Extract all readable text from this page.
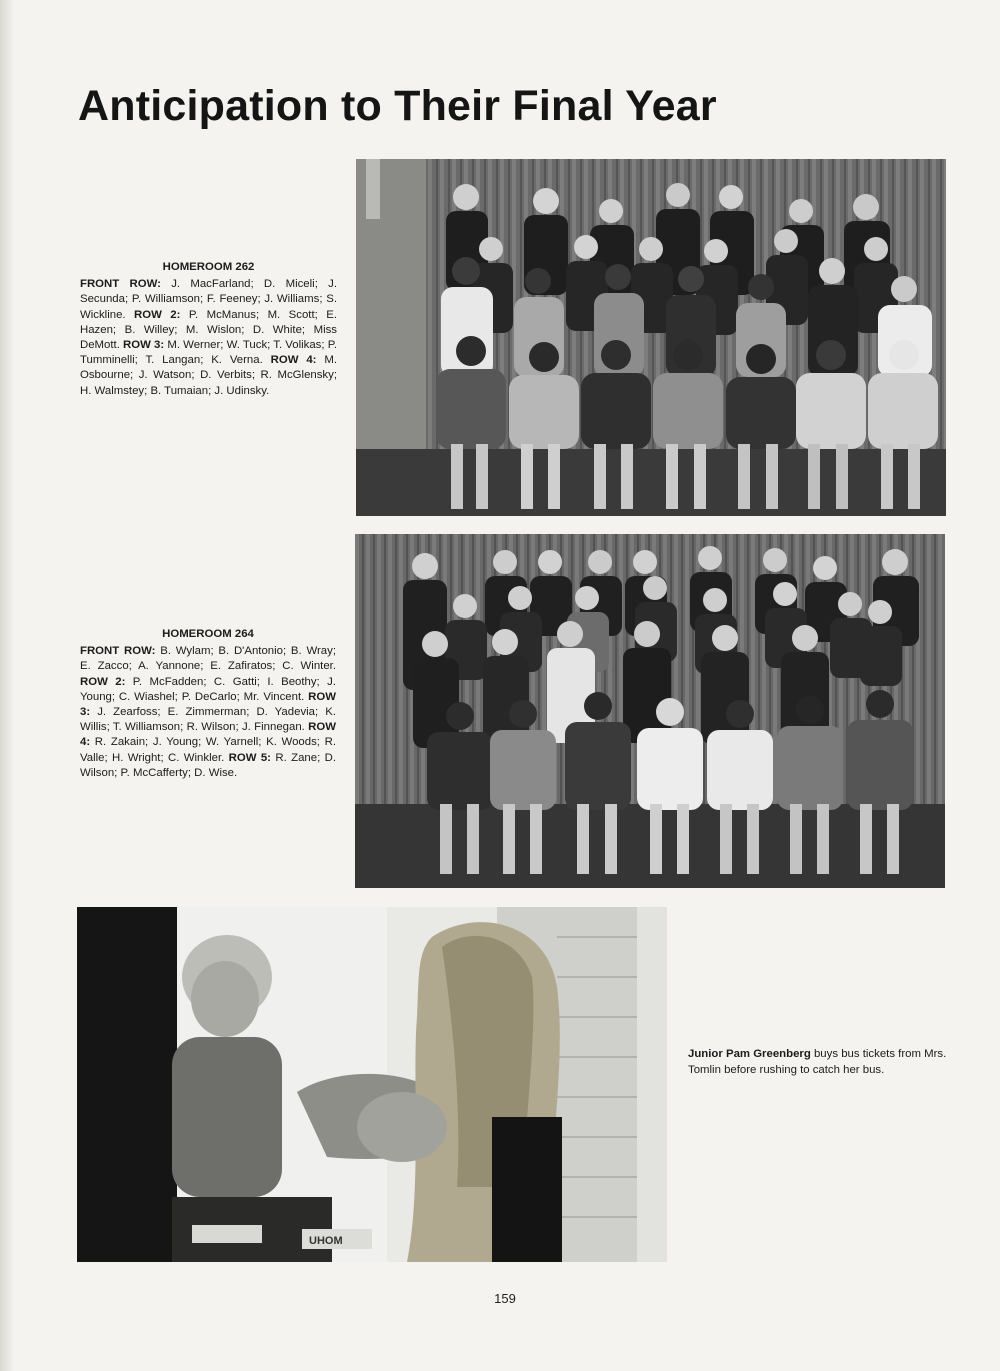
Anticipation to Their Final Year
HOMEROOM 262
FRONT ROW: J. MacFarland; D. Miceli; J. Secunda; P. Williamson; F. Feeney; J. Williams; S. Wickline. ROW 2: P. McManus; M. Scott; E. Hazen; B. Willey; M. Wislon; D. White; Miss DeMott. ROW 3: M. Werner; W. Tuck; T. Volikas; P. Tumminelli; T. Langan; K. Verna. ROW 4: M. Osbourne; J. Watson; D. Verbits; R. McGlensky; H. Walmstey; B. Tumaian; J. Udinsky.
HOMEROOM 264
FRONT ROW: B. Wylam; B. D'Antonio; B. Wray; E. Zacco; A. Yannone; E. Zafiratos; C. Winter. ROW 2: P. McFadden; C. Gatti; I. Beothy; J. Young; C. Wiashel; P. DeCarlo; Mr. Vincent. ROW 3: J. Zearfoss; E. Zimmerman; D. Yadevia; K. Willis; T. Williamson; R. Wilson; J. Finnegan. ROW 4: R. Zakain; J. Young; W. Yarnell; K. Woods; R. Valle; H. Wright; C. Winkler. ROW 5: R. Zane; D. Wilson; P. McCafferty; D. Wise.
UHOM
Junior Pam Greenberg buys bus tickets from Mrs. Tomlin before rushing to catch her bus.
159
